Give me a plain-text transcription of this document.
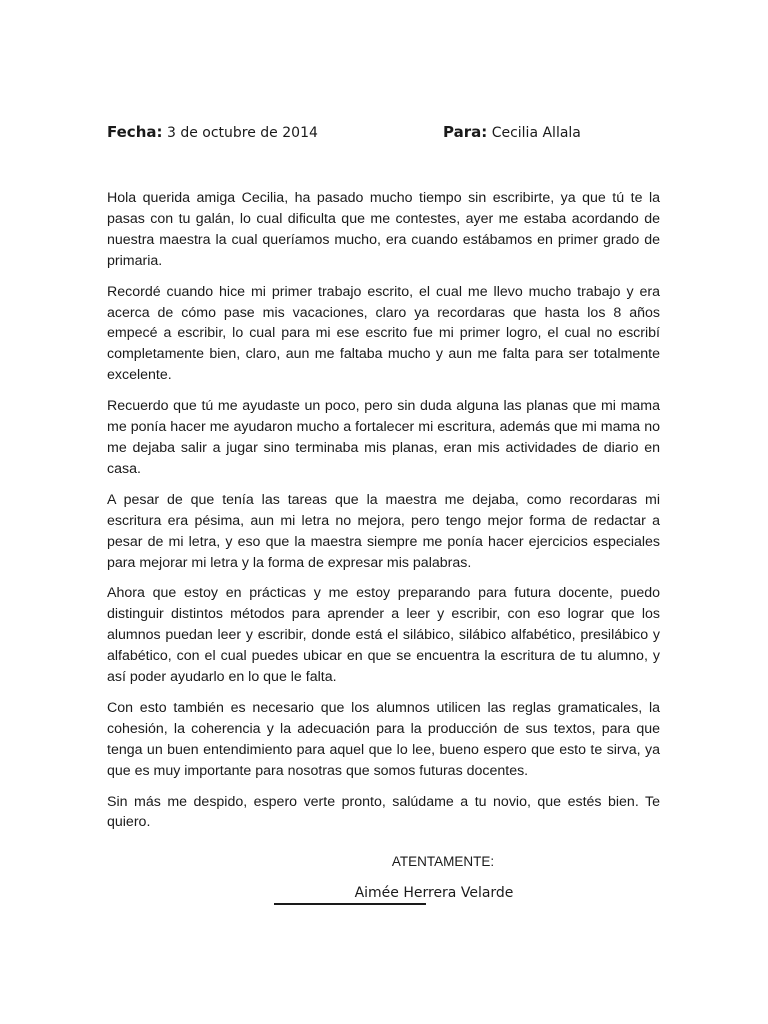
Fecha: 3 de octubre de 2014	Para: Cecilia Allala

Hola querida amiga Cecilia, ha pasado mucho tiempo sin escribirte, ya que tú te la pasas con tu galán, lo cual dificulta que me contestes, ayer me estaba acordando de nuestra maestra la cual queríamos mucho, era cuando estábamos en primer grado de primaria.

Recordé cuando hice mi primer trabajo escrito, el cual me llevo mucho trabajo y era acerca de cómo pase mis vacaciones, claro ya recordaras que hasta los 8 años empecé a escribir, lo cual para mi ese escrito fue mi primer logro, el cual no escribí completamente bien, claro, aun me faltaba mucho y aun me falta para ser totalmente excelente.

Recuerdo que tú me ayudaste un poco, pero sin duda alguna las planas que mi mama me ponía hacer me ayudaron mucho a fortalecer mi escritura, además que mi mama no me dejaba salir a jugar sino terminaba mis planas, eran mis actividades de diario en casa.

A pesar de que tenía las tareas que la maestra me dejaba, como recordaras mi escritura era pésima, aun mi letra no mejora, pero tengo mejor forma de redactar a pesar de mi letra, y eso que la maestra siempre me ponía hacer ejercicios especiales para mejorar mi letra y la forma de expresar mis palabras.

Ahora que estoy en prácticas y me estoy preparando para futura docente, puedo distinguir distintos métodos para aprender a leer y escribir, con eso lograr que los alumnos puedan leer y escribir, donde está el silábico, silábico alfabético, presilábico y alfabético, con el cual puedes ubicar en que se encuentra la escritura de tu alumno, y así poder ayudarlo en lo que le falta.

Con esto también es necesario que los alumnos utilicen las reglas gramaticales, la cohesión, la coherencia y la adecuación para la producción de sus textos, para que tenga un buen entendimiento para aquel que lo lee, bueno espero que esto te sirva, ya que es muy importante para nosotras que somos futuras docentes.

Sin más me despido, espero verte pronto, salúdame a tu novio, que estés bien. Te quiero.

ATENTAMENTE:
Aimée Herrera Velarde
